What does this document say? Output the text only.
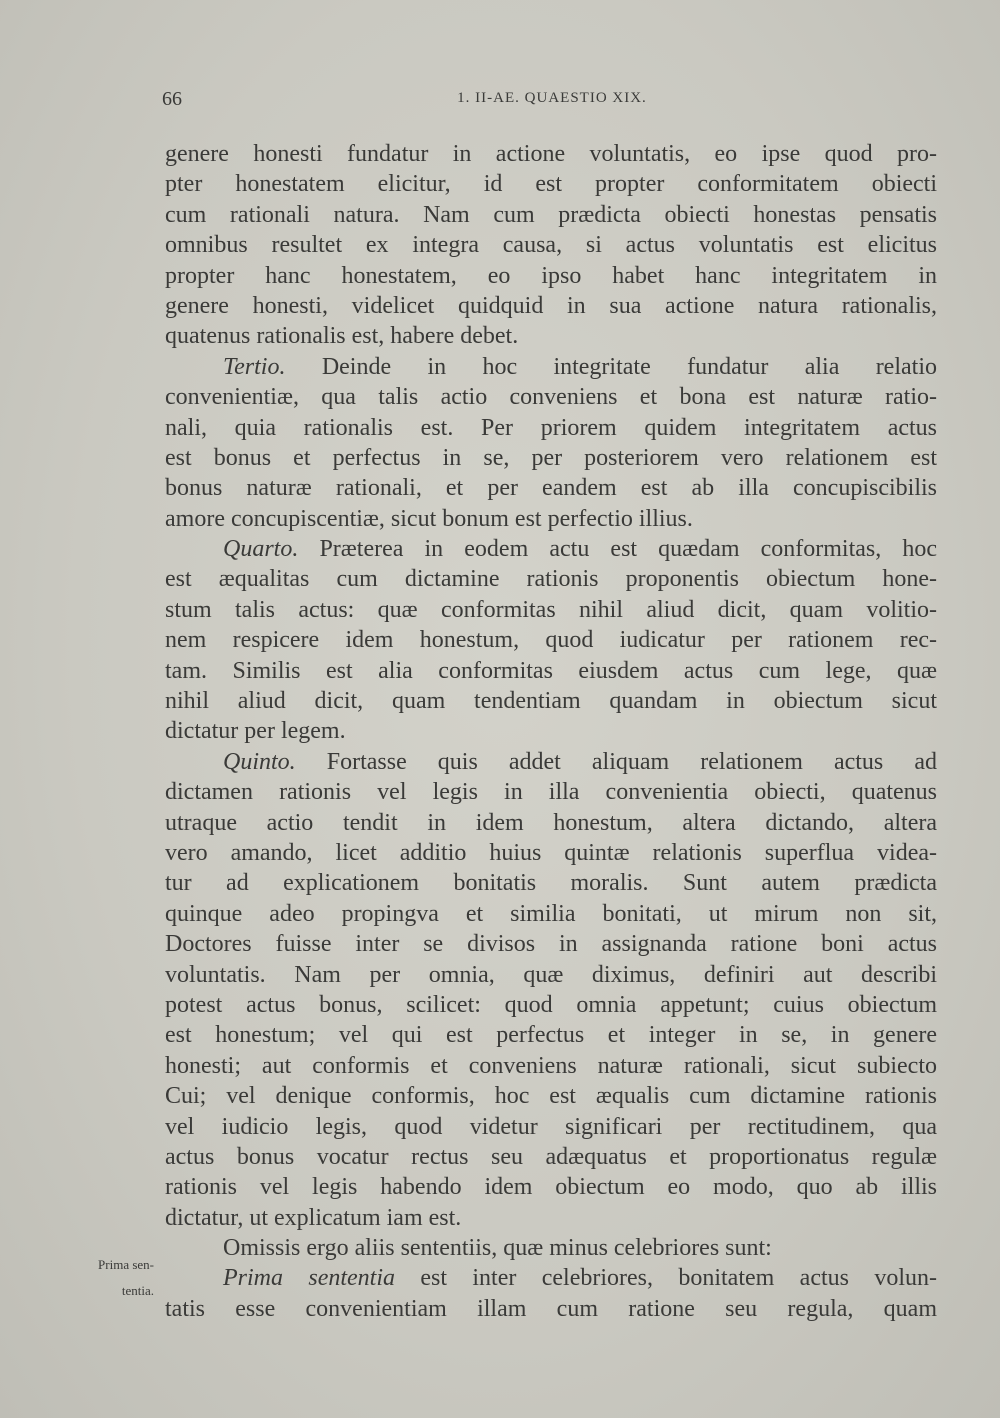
66	1. II-AE. QUAESTIO XIX.
Prima sen-
tentia.
genere honesti fundatur in actione voluntatis, eo ipse quod pro-
pter honestatem elicitur, id est propter conformitatem obiecti
cum rationali natura. Nam cum prædicta obiecti honestas pensatis
omnibus resultet ex integra causa, si actus voluntatis est elicitus
propter hanc honestatem, eo ipso habet hanc integritatem in
genere honesti, videlicet quidquid in sua actione natura rationalis,
quatenus rationalis est, habere debet.
Tertio. Deinde in hoc integritate fundatur alia relatio
convenientiæ, qua talis actio conveniens et bona est naturæ ratio-
nali, quia rationalis est. Per priorem quidem integritatem actus
est bonus et perfectus in se, per posteriorem vero relationem est
bonus naturæ rationali, et per eandem est ab illa concupiscibilis
amore concupiscentiæ, sicut bonum est perfectio illius.
Quarto. Præterea in eodem actu est quædam conformitas, hoc
est æqualitas cum dictamine rationis proponentis obiectum hone-
stum talis actus: quæ conformitas nihil aliud dicit, quam volitio-
nem respicere idem honestum, quod iudicatur per rationem rec-
tam. Similis est alia conformitas eiusdem actus cum lege, quæ
nihil aliud dicit, quam tendentiam quandam in obiectum sicut
dictatur per legem.
Quinto. Fortasse quis addet aliquam relationem actus ad
dictamen rationis vel legis in illa convenientia obiecti, quatenus
utraque actio tendit in idem honestum, altera dictando, altera
vero amando, licet additio huius quintæ relationis superflua videa-
tur ad explicationem bonitatis moralis. Sunt autem prædicta
quinque adeo propingva et similia bonitati, ut mirum non sit,
Doctores fuisse inter se divisos in assignanda ratione boni actus
voluntatis. Nam per omnia, quæ diximus, definiri aut describi
potest actus bonus, scilicet: quod omnia appetunt; cuius obiectum
est honestum; vel qui est perfectus et integer in se, in genere
honesti; aut conformis et conveniens naturæ rationali, sicut subiecto
Cui; vel denique conformis, hoc est æqualis cum dictamine rationis
vel iudicio legis, quod videtur significari per rectitudinem, qua
actus bonus vocatur rectus seu adæquatus et proportionatus regulæ
rationis vel legis habendo idem obiectum eo modo, quo ab illis
dictatur, ut explicatum iam est.
Omissis ergo aliis sententiis, quæ minus celebriores sunt:
Prima sententia est inter celebriores, bonitatem actus volun-
tatis esse convenientiam illam cum ratione seu regula, quam
